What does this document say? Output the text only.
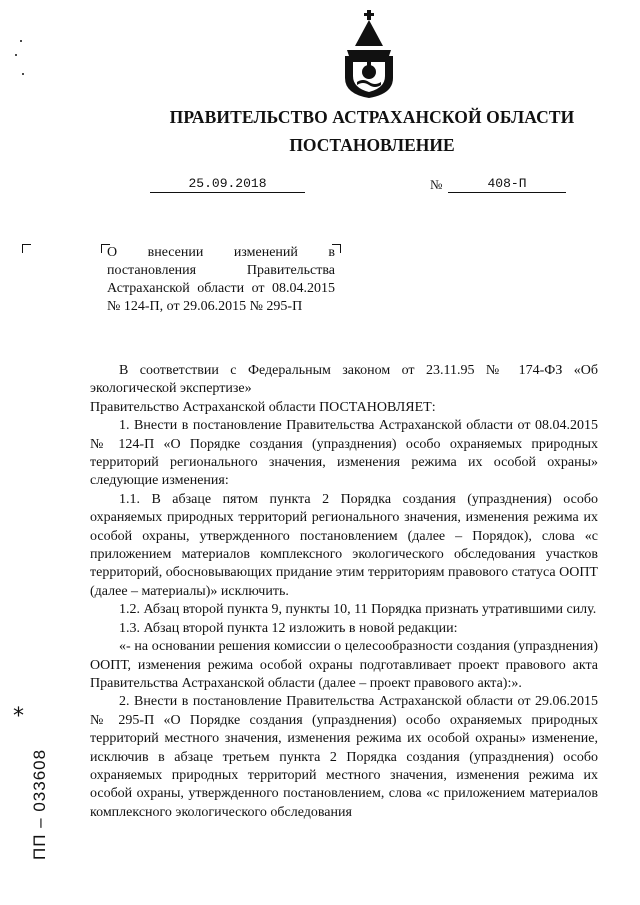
ПРАВИТЕЛЬСТВО АСТРАХАНСКОЙ ОБЛАСТИ
ПОСТАНОВЛЕНИЕ
25.09.2018	№	408-П
О внесении изменений в постановления Правительства Астраханской области от 08.04.2015 № 124-П, от 29.06.2015 № 295-П

В соответствии с Федеральным законом от 23.11.95 № 174-ФЗ «Об экологической экспертизе»

Правительство Астраханской области ПОСТАНОВЛЯЕТ:

1. Внести в постановление Правительства Астраханской области от 08.04.2015 № 124-П «О Порядке создания (упразднения) особо охраняемых природных территорий регионального значения, изменения режима их особой охраны» следующие изменения:

1.1. В абзаце пятом пункта 2 Порядка создания (упразднения) особо охраняемых природных территорий регионального значения, изменения режима их особой охраны, утвержденного постановлением (далее – Порядок), слова «с приложением материалов комплексного экологического обследования участков территорий, обосновывающих придание этим территориям правового статуса ООПТ (далее – материалы)» исключить.

1.2. Абзац второй пункта 9, пункты 10, 11 Порядка признать утратившими силу.

1.3. Абзац второй пункта 12 изложить в новой редакции:

«- на основании решения комиссии о целесообразности создания (упразднения) ООПТ, изменения режима особой охраны подготавливает проект правового акта Правительства Астраханской области (далее – проект правового акта):».

2. Внести в постановление Правительства Астраханской области от 29.06.2015 № 295-П «О Порядке создания (упразднения) особо охраняемых природных территорий местного значения, изменения режима их особой охраны» изменение, исключив в абзаце третьем пункта 2 Порядка создания (упразднения) особо охраняемых природных территорий местного значения, изменения режима их особой охраны, утвержденного постановлением, слова «с приложением материалов комплексного экологического обследования

*
ПП – 033608
